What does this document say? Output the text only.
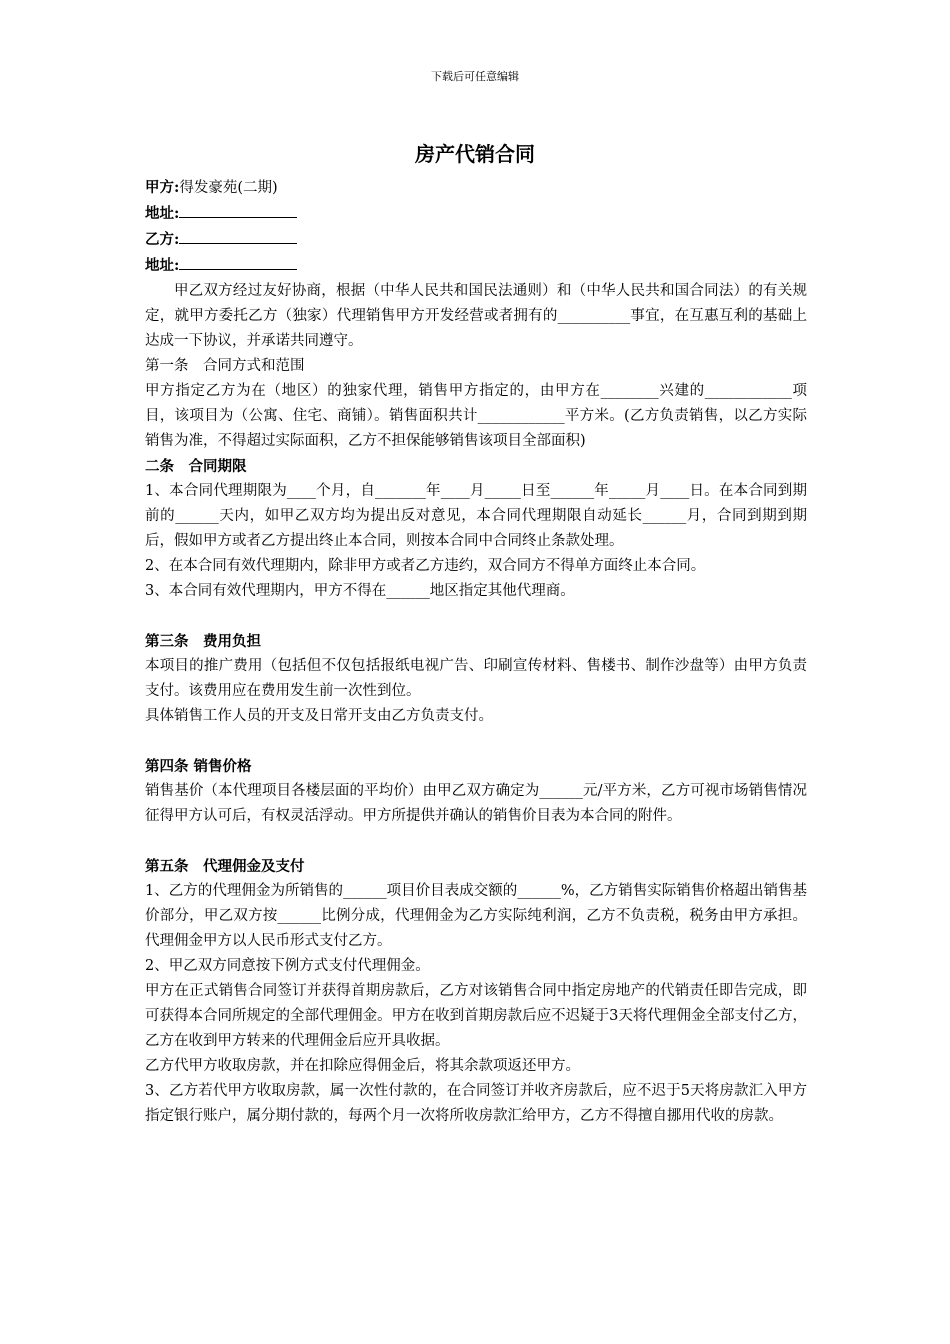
下载后可任意编辑
房产代销合同

甲方:得发豪苑(二期)

地址:

乙方:

地址:

甲乙双方经过友好协商，根据（中华人民共和国民法通则）和（中华人民共和国合同法）的有关规定，就甲方委托乙方（独家）代理销售甲方开发经营或者拥有的__________事宜，在互惠互利的基础上达成一下协议，并承诺共同遵守。

第一条　合同方式和范围

甲方指定乙方为在（地区）的独家代理，销售甲方指定的，由甲方在________兴建的____________项目，该项目为（公寓、住宅、商铺）。销售面积共计____________平方米。(乙方负责销售，以乙方实际销售为准，不得超过实际面积，乙方不担保能够销售该项目全部面积)

二条　合同期限

1、本合同代理期限为____个月，自_______年____月_____日至______年_____月____日。在本合同到期前的______天内，如甲乙双方均为提出反对意见，本合同代理期限自动延长______月，合同到期到期后，假如甲方或者乙方提出终止本合同，则按本合同中合同终止条款处理。

2、在本合同有效代理期内，除非甲方或者乙方违约，双合同方不得单方面终止本合同。

3、本合同有效代理期内，甲方不得在______地区指定其他代理商。

第三条　费用负担

本项目的推广费用（包括但不仅包括报纸电视广告、印刷宣传材料、售楼书、制作沙盘等）由甲方负责支付。该费用应在费用发生前一次性到位。

具体销售工作人员的开支及日常开支由乙方负责支付。

第四条 销售价格

销售基价（本代理项目各楼层面的平均价）由甲乙双方确定为______元/平方米，乙方可视市场销售情况征得甲方认可后，有权灵活浮动。甲方所提供并确认的销售价目表为本合同的附件。

第五条　代理佣金及支付

1、乙方的代理佣金为所销售的______项目价目表成交额的______%，乙方销售实际销售价格超出销售基价部分，甲乙双方按______比例分成，代理佣金为乙方实际纯利润，乙方不负责税，税务由甲方承担。代理佣金甲方以人民币形式支付乙方。

2、甲乙双方同意按下例方式支付代理佣金。

甲方在正式销售合同签订并获得首期房款后，乙方对该销售合同中指定房地产的代销责任即告完成，即可获得本合同所规定的全部代理佣金。甲方在收到首期房款后应不迟疑于3天将代理佣金全部支付乙方，乙方在收到甲方转来的代理佣金后应开具收据。

乙方代甲方收取房款，并在扣除应得佣金后，将其余款项返还甲方。

3、乙方若代甲方收取房款，属一次性付款的，在合同签订并收齐房款后，应不迟于5天将房款汇入甲方指定银行账户，属分期付款的，每两个月一次将所收房款汇给甲方，乙方不得擅自挪用代收的房款。
